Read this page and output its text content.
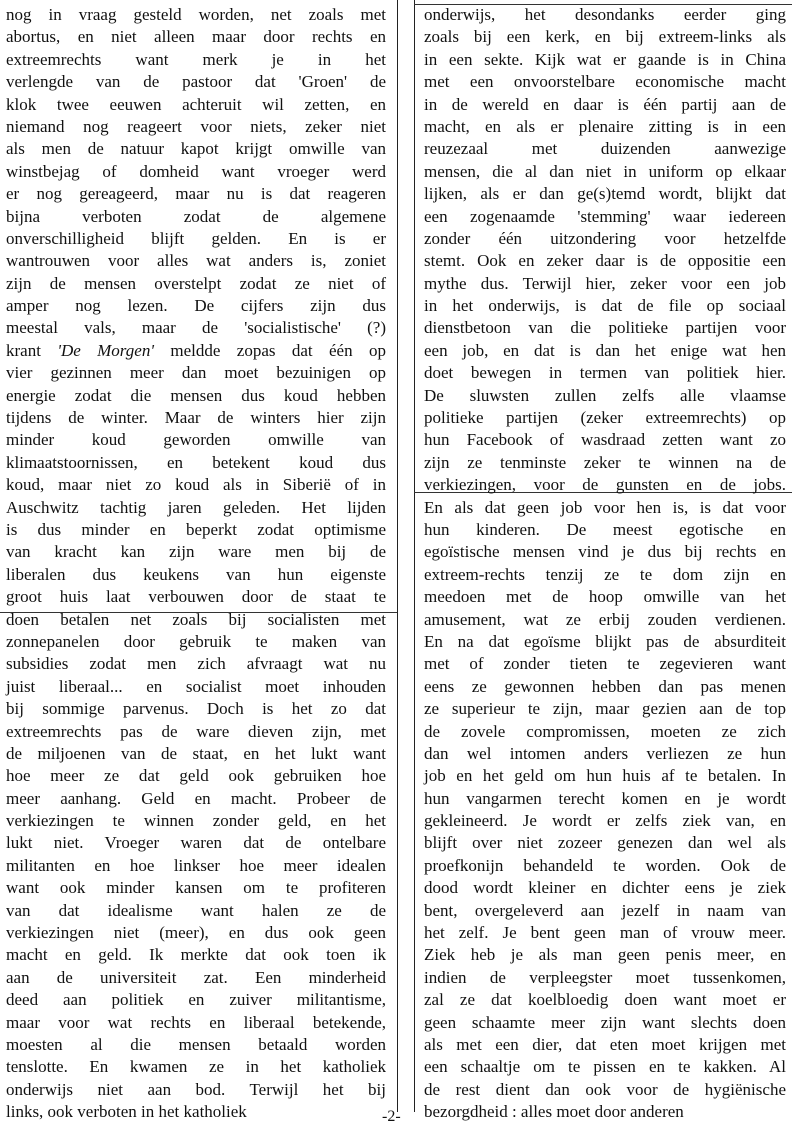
nog in vraag gesteld worden, net zoals met
abortus, en niet alleen maar door rechts en
extreemrechts want merk je in het
verlengde van de pastoor dat 'Groen' de
klok twee eeuwen achteruit wil zetten, en
niemand nog reageert voor niets, zeker niet
als men de natuur kapot krijgt omwille van
winstbejag of domheid want vroeger werd
er nog gereageerd, maar nu is dat reageren
bijna verboten zodat de algemene
onverschilligheid blijft gelden. En is er
wantrouwen voor alles wat anders is, zoniet
zijn de mensen overstelpt zodat ze niet of
amper nog lezen. De cijfers zijn dus
meestal vals, maar de 'socialistische' (?)
krant 'De Morgen' meldde zopas dat één op
vier gezinnen meer dan moet bezuinigen op
energie zodat die mensen dus koud hebben
tijdens de winter. Maar de winters hier zijn
minder koud geworden omwille van
klimaatstoornissen, en betekent koud dus
koud, maar niet zo koud als in Siberië of in
Auschwitz tachtig jaren geleden. Het lijden
is dus minder en beperkt zodat optimisme
van kracht kan zijn ware men bij de
liberalen dus keukens van hun eigenste
groot huis laat verbouwen door de staat te
doen betalen net zoals bij socialisten met
zonnepanelen door gebruik te maken van
subsidies zodat men zich afvraagt wat nu
juist liberaal... en socialist moet inhouden
bij sommige parvenus. Doch is het zo dat
extreemrechts pas de ware dieven zijn, met
de miljoenen van de staat, en het lukt want
hoe meer ze dat geld ook gebruiken hoe
meer aanhang. Geld en macht. Probeer de
verkiezingen te winnen zonder geld, en het
lukt niet. Vroeger waren dat de ontelbare
militanten en hoe linkser hoe meer idealen
want ook minder kansen om te profiteren
van dat idealisme want halen ze de
verkiezingen niet (meer), en dus ook geen
macht en geld. Ik merkte dat ook toen ik
aan de universiteit zat. Een minderheid
deed aan politiek en zuiver militantisme,
maar voor wat rechts en liberaal betekende,
moesten al die mensen betaald worden
tenslotte. En kwamen ze in het katholiek
onderwijs niet aan bod. Terwijl het bij
links, ook verboten in het katholiek
onderwijs, het desondanks eerder ging
zoals bij een kerk, en bij extreem-links als
in een sekte. Kijk wat er gaande is in China
met een onvoorstelbare economische macht
in de wereld en daar is één partij aan de
macht, en als er plenaire zitting is in een
reuzezaal met duizenden aanwezige
mensen, die al dan niet in uniform op elkaar
lijken, als er dan ge(s)temd wordt, blijkt dat
een zogenaamde 'stemming' waar iedereen
zonder één uitzondering voor hetzelfde
stemt. Ook en zeker daar is de oppositie een
mythe dus. Terwijl hier, zeker voor een job
in het onderwijs, is dat de file op sociaal
dienstbetoon van die politieke partijen voor
een job, en dat is dan het enige wat hen
doet bewegen in termen van politiek hier.
De sluwsten zullen zelfs alle vlaamse
politieke partijen (zeker extreemrechts) op
hun Facebook of wasdraad zetten want zo
zijn ze tenminste zeker te winnen na de
verkiezingen, voor de gunsten en de jobs.
En als dat geen job voor hen is, is dat voor
hun kinderen. De meest egotische en
egoïstische mensen vind je dus bij rechts en
extreem-rechts tenzij ze te dom zijn en
meedoen met de hoop omwille van het
amusement, wat ze erbij zouden verdienen.
En na dat egoïsme blijkt pas de absurditeit
met of zonder tieten te zegevieren want
eens ze gewonnen hebben dan pas menen
ze superieur te zijn, maar gezien aan de top
de zovele compromissen, moeten ze zich
dan wel intomen anders verliezen ze hun
job en het geld om hun huis af te betalen. In
hun vangarmen terecht komen en je wordt
gekleineerd. Je wordt er zelfs ziek van, en
blijft over niet zozeer genezen dan wel als
proefkonijn behandeld te worden. Ook de
dood wordt kleiner en dichter eens je ziek
bent, overgeleverd aan jezelf in naam van
het zelf. Je bent geen man of vrouw meer.
Ziek heb je als man geen penis meer, en
indien de verpleegster moet tussenkomen,
zal ze dat koelbloedig doen want moet er
geen schaamte meer zijn want slechts doen
als met een dier, dat eten moet krijgen met
een schaaltje om te pissen en te kakken. Al
de rest dient dan ook voor de hygiënische
bezorgdheid : alles moet door anderen
-2-
